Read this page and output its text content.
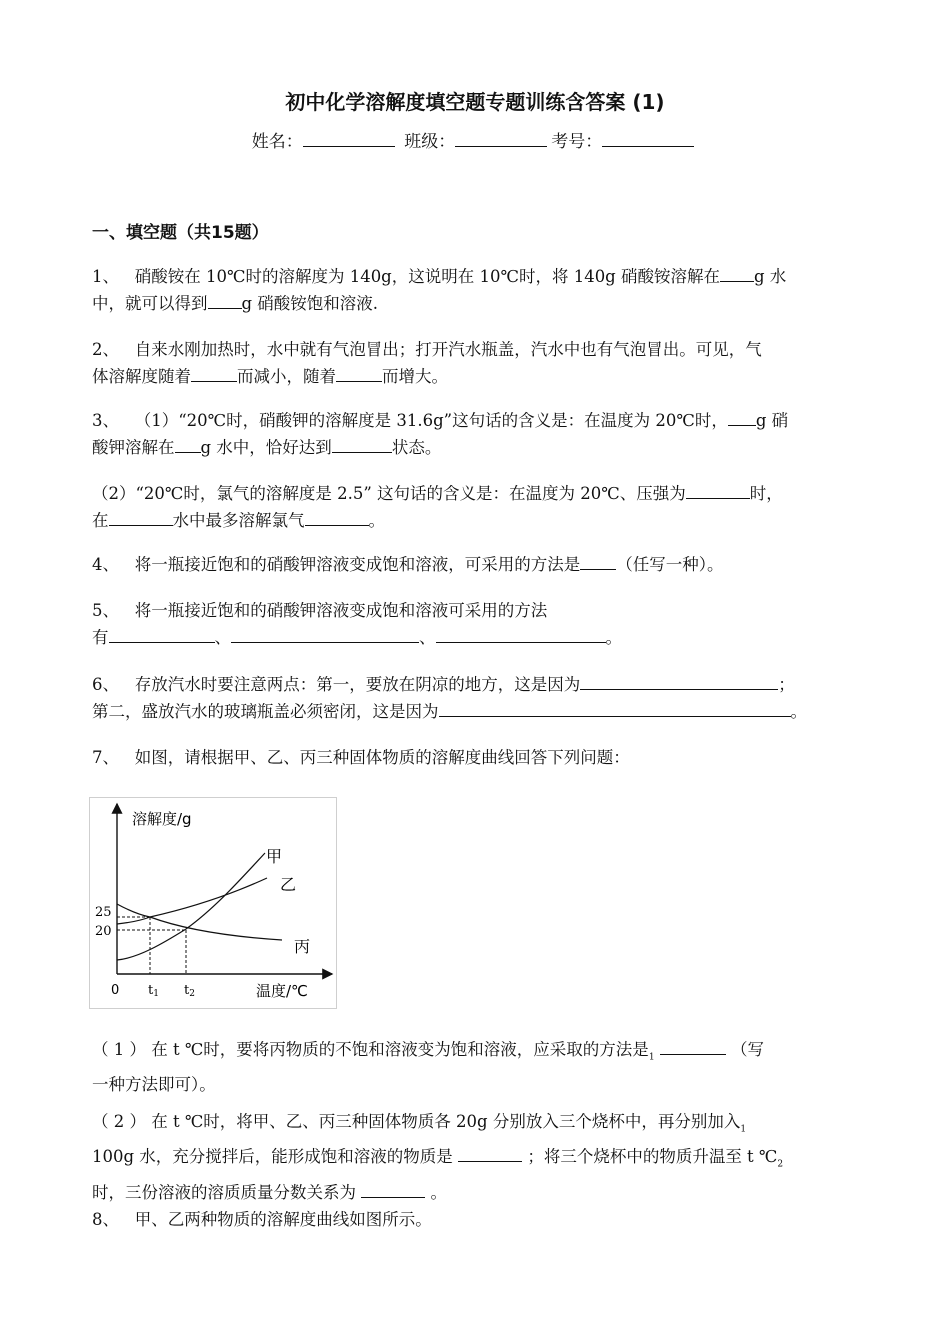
初中化学溶解度填空题专题训练含答案 (1)
姓名：	班级：	考号：
一、填空题（共15题）
1、 硝酸铵在 10℃时的溶解度为 140g，这说明在 10℃时，将 140g 硝酸铵溶解在 g 水
中，就可以得到 g 硝酸铵饱和溶液.
2、 自来水刚加热时，水中就有气泡冒出；打开汽水瓶盖，汽水中也有气泡冒出。可见，气
体溶解度随着	而减小，随着	而增大。
3、 （1）“20℃时，硝酸钾的溶解度是 31.6g”这句话的含义是：在温度为 20℃时， g 硝
酸钾溶解在 g 水中，恰好达到	状态。
（2）“20℃时，氯气的溶解度是 2.5” 这句话的含义是：在温度为 20℃、压强为	时，
在	水中最多溶解氯气	。
4、 将一瓶接近饱和的硝酸钾溶液变成饱和溶液，可采用的方法是 （任写一种）。
5、 将一瓶接近饱和的硝酸钾溶液变成饱和溶液可采用的方法
有	、	、	。
6、 存放汽水时要注意两点：第一，要放在阴凉的地方，这是因为	；
第二，盛放汽水的玻璃瓶盖必须密闭，这是因为	。
7、 如图，请根据甲、乙、丙三种固体物质的溶解度曲线回答下列问题：
溶解度/g
温度/℃
0
25
20
甲
乙
丙
t1 t2
（ 1 ） 在 t ℃时，要将丙物质的不饱和溶液变为饱和溶液，应采取的方法是$_1$	（写
一种方法即可）。
（ 2 ） 在 t ℃时，将甲、乙、丙三种固体物质各 20g 分别放入三个烧杯中，再分别加入$_1$
100g 水，充分搅拌后，能形成饱和溶液的物质是	；将三个烧杯中的物质升温至 t $℃_2$
时，三份溶液的溶质质量分数关系为	。
8、 甲、乙两种物质的溶解度曲线如图所示。
